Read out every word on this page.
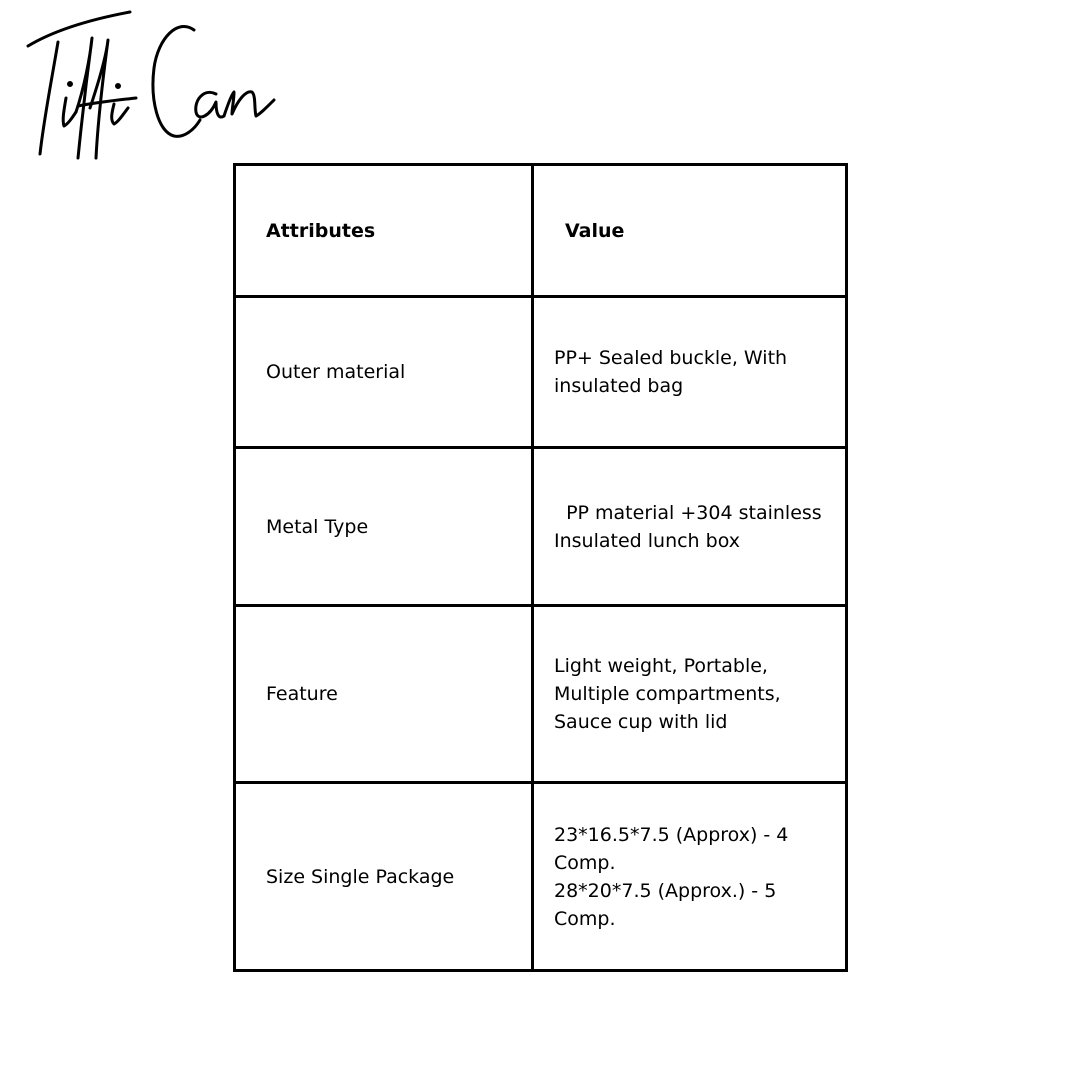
Attributes	Value
Outer material	PP+ Sealed buckle, With
insulated bag
Metal Type	PP material +304 stainless
Insulated lunch box
Feature	Light weight, Portable,
Multiple compartments,
Sauce cup with lid
Size Single Package	23*16.5*7.5 (Approx) - 4
Comp.
28*20*7.5 (Approx.) - 5
Comp.
